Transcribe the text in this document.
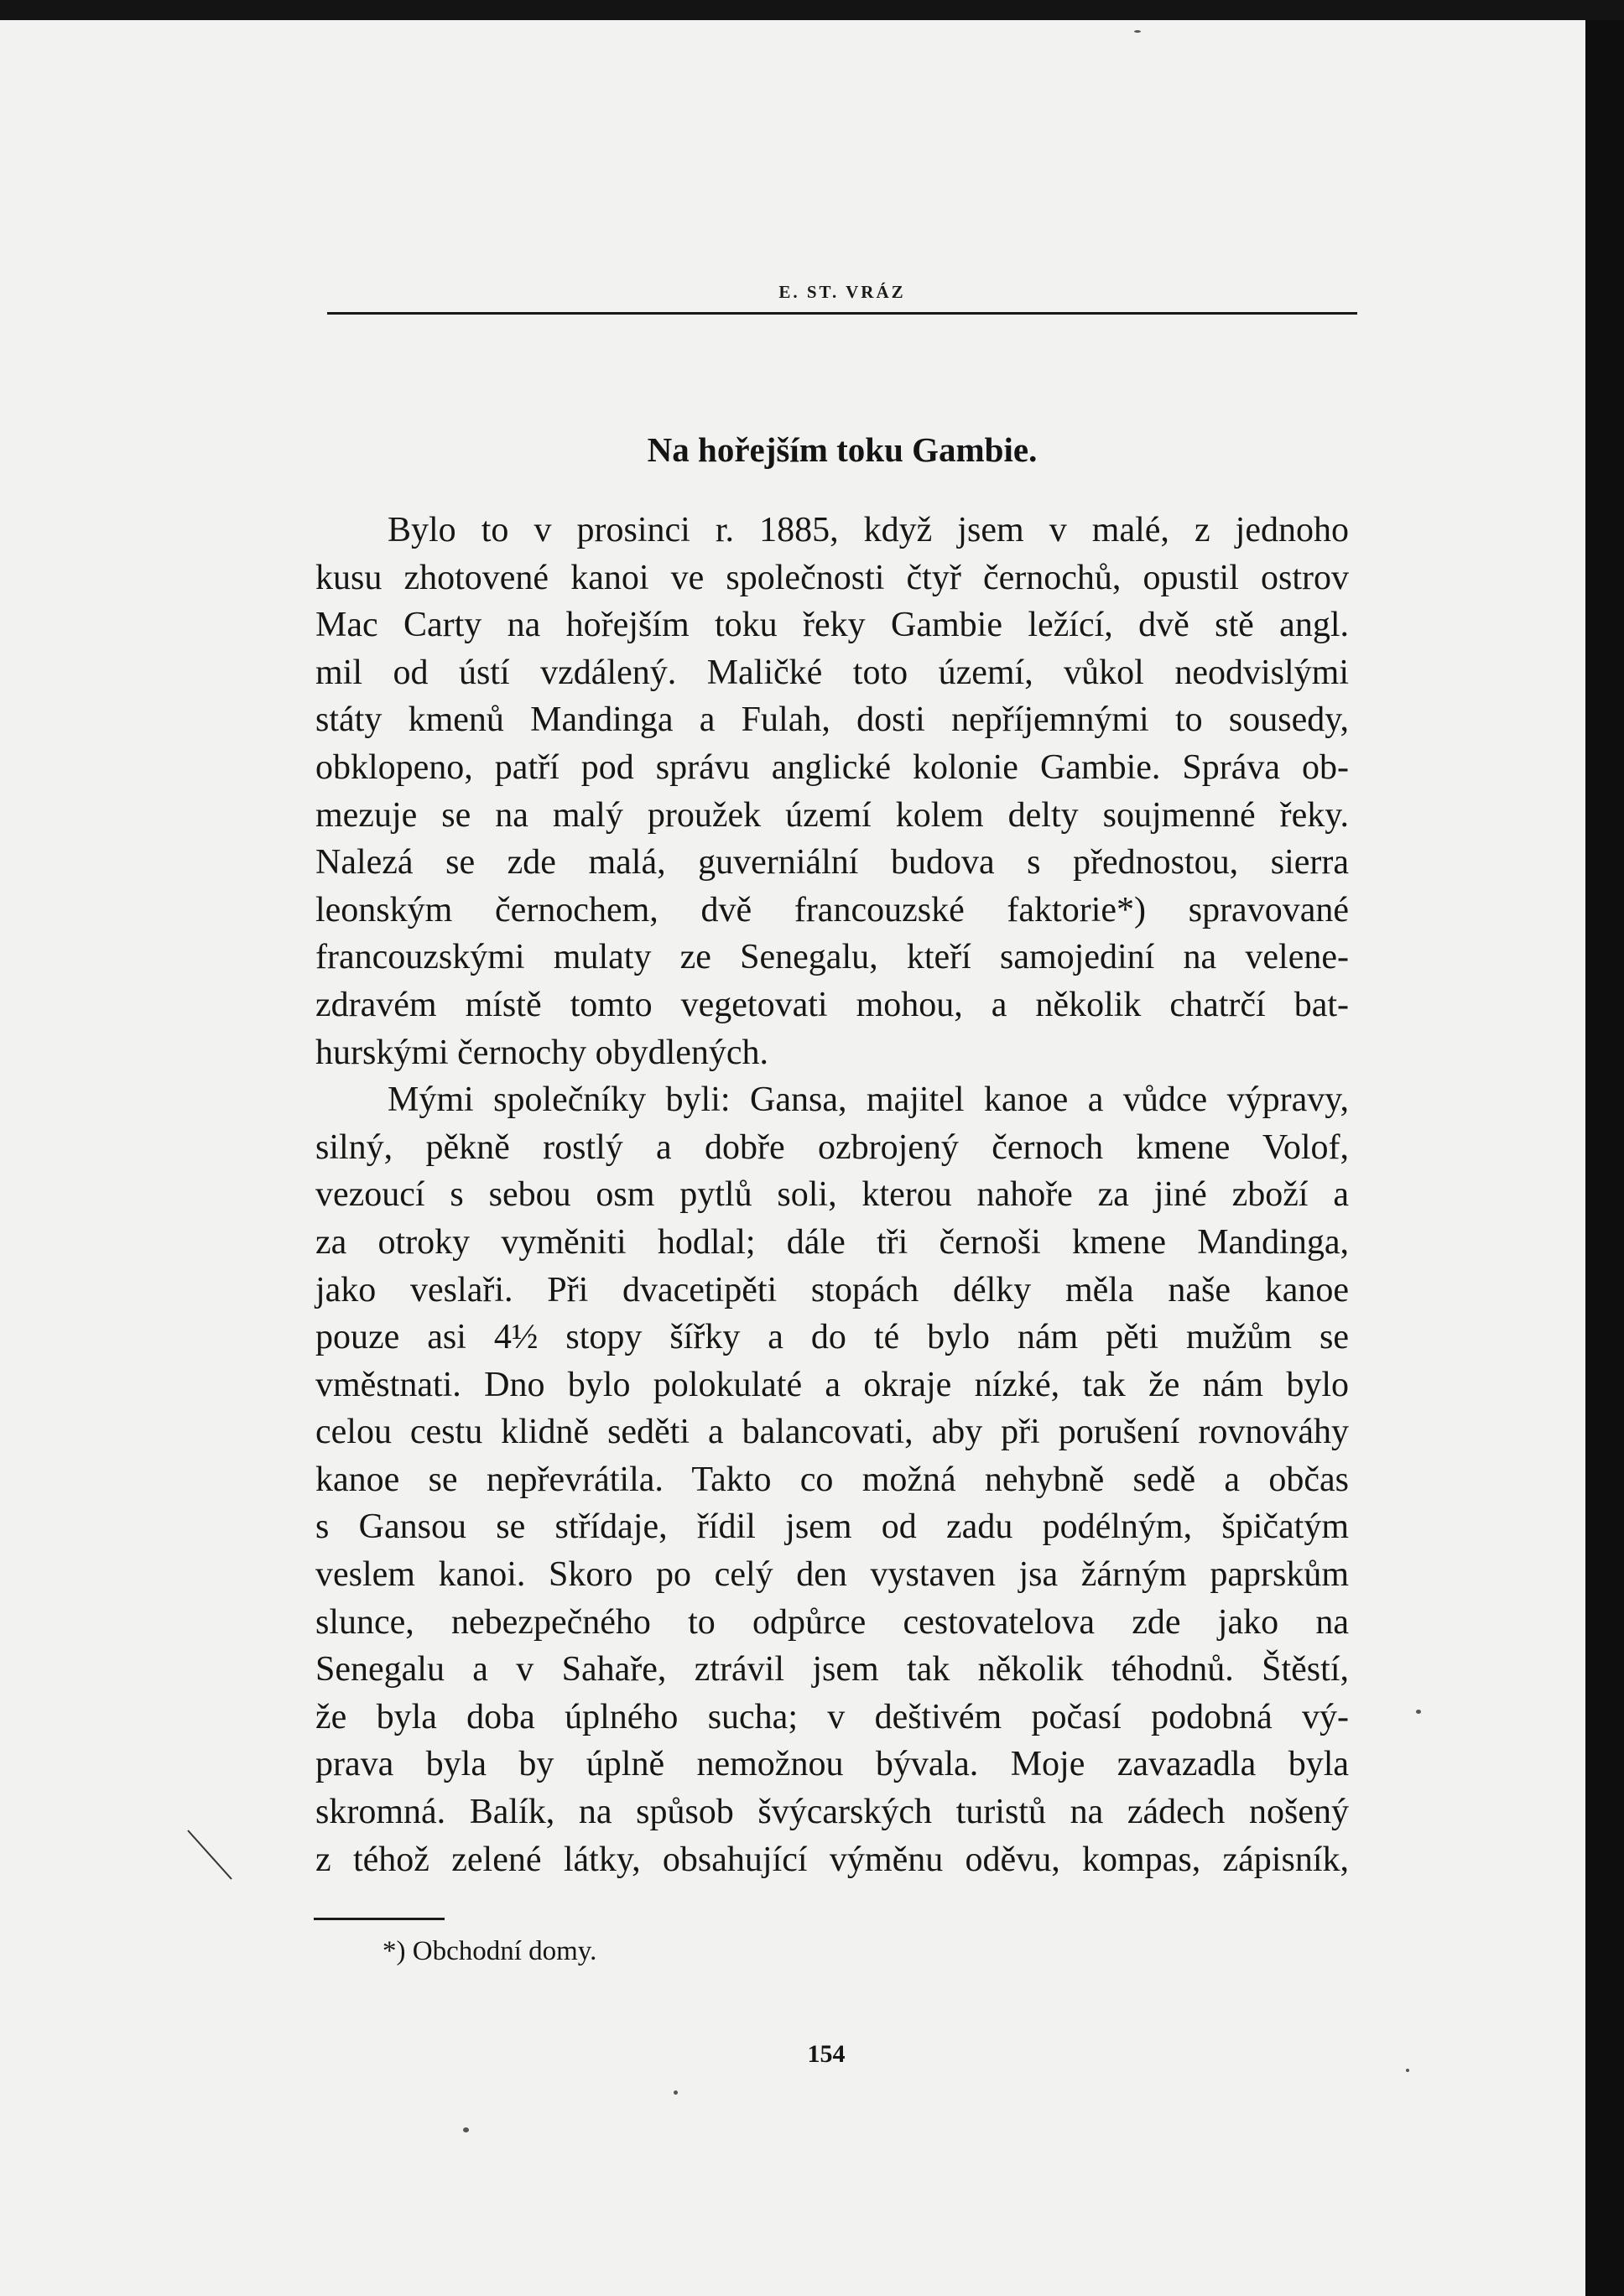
E. ST. VRÁZ
Na hořejším toku Gambie.
Bylo to v prosinci r. 1885, když jsem v malé, z jednoho
kusu zhotovené kanoi ve společnosti čtyř černochů, opustil ostrov
Mac Carty na hořejším toku řeky Gambie ležící, dvě stě angl.
mil od ústí vzdálený. Maličké toto území, vůkol neodvislými
státy kmenů Mandinga a Fulah, dosti nepříjemnými to sousedy,
obklopeno, patří pod správu anglické kolonie Gambie. Správa ob-
mezuje se na malý proužek území kolem delty soujmenné řeky.
Nalezá se zde malá, guverniální budova s přednostou, sierra
leonským černochem, dvě francouzské faktorie*) spravované
francouzskými mulaty ze Senegalu, kteří samojediní na velene-
zdravém místě tomto vegetovati mohou, a několik chatrčí bat-
hurskými černochy obydlených.
Mými společníky byli: Gansa, majitel kanoe a vůdce výpravy,
silný, pěkně rostlý a dobře ozbrojený černoch kmene Volof,
vezoucí s sebou osm pytlů soli, kterou nahoře za jiné zboží a
za otroky vyměniti hodlal; dále tři černoši kmene Mandinga,
jako veslaři. Při dvacetipěti stopách délky měla naše kanoe
pouze asi 4½ stopy šířky a do té bylo nám pěti mužům se
vměstnati. Dno bylo polokulaté a okraje nízké, tak že nám bylo
celou cestu klidně seděti a balancovati, aby při porušení rovnováhy
kanoe se nepřevrátila. Takto co možná nehybně sedě a občas
s Gansou se střídaje, řídil jsem od zadu podélným, špičatým
veslem kanoi. Skoro po celý den vystaven jsa žárným paprskům
slunce, nebezpečného to odpůrce cestovatelova zde jako na
Senegalu a v Sahaře, ztrávil jsem tak několik téhodnů. Štěstí,
že byla doba úplného sucha; v deštivém počasí podobná vý-
prava byla by úplně nemožnou bývala. Moje zavazadla byla
skromná. Balík, na spůsob švýcarských turistů na zádech nošený
z téhož zelené látky, obsahující výměnu oděvu, kompas, zápisník,
*) Obchodní domy.
154
